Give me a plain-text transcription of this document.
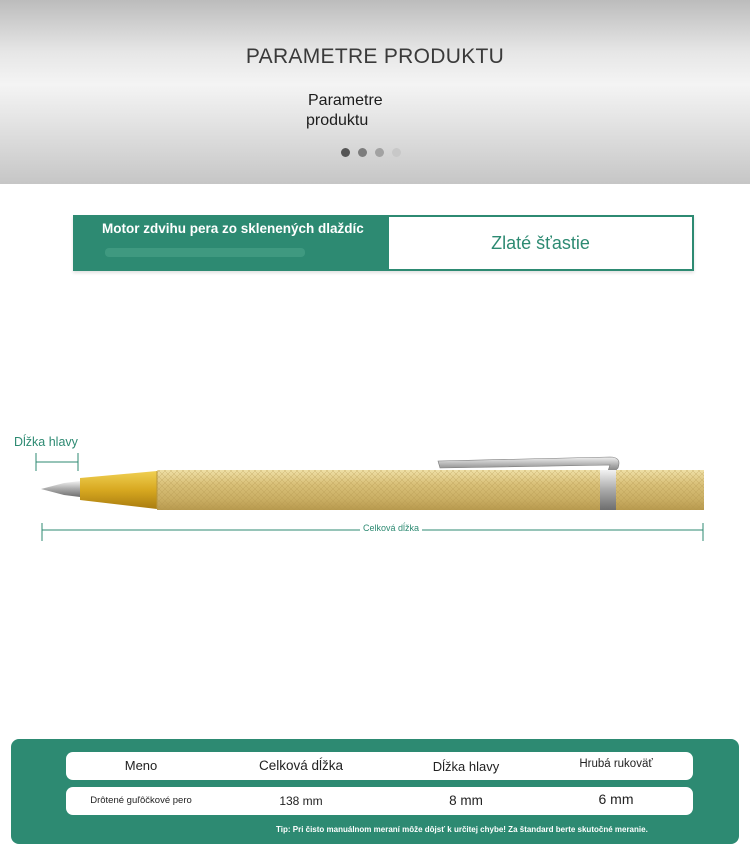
PARAMETRE PRODUKTU
Parametre
produktu
Motor zdvihu pera zo sklenených dlaždíc
Zlaté šťastie
Dĺžka hlavy
Celková dĺžka
Meno	Celková dĺžka	Dĺžka hlavy	Hrubá rukoväť
Drôtené guľôčkové pero	138 mm	8 mm	6 mm
Tip: Pri čisto manuálnom meraní môže dôjsť k určitej chybe! Za štandard berte skutočné meranie.
